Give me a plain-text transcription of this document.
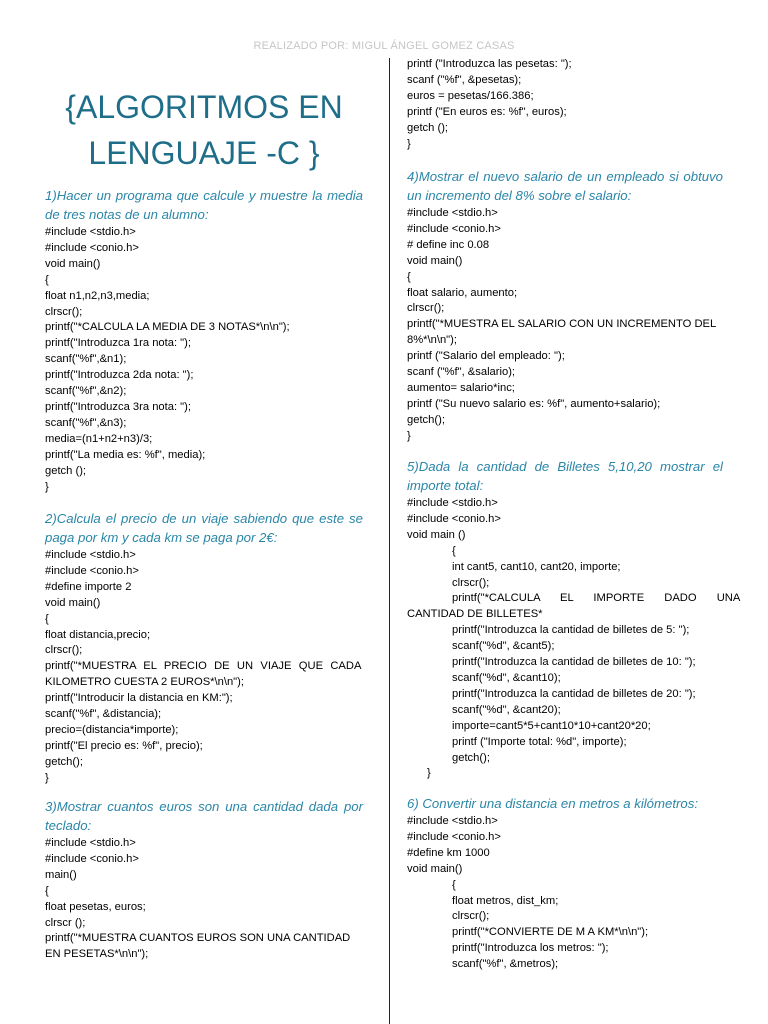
REALIZADO POR: MIGUL ÁNGEL GOMEZ CASAS
{ALGORITMOS EN
LENGUAJE -C }
1)Hacer un programa que calcule y muestre la media de tres notas de un alumno:
#include <stdio.h>
#include <conio.h>
void main()
{
float n1,n2,n3,media;
clrscr();
printf("*CALCULA LA MEDIA DE 3 NOTAS*\n\n");
printf("Introduzca 1ra nota: ");
scanf("%f",&n1);
printf("Introduzca 2da nota: ");
scanf("%f",&n2);
printf("Introduzca 3ra nota: ");
scanf("%f",&n3);
media=(n1+n2+n3)/3;
printf("La media es: %f", media);
getch ();
}
2)Calcula el precio de un viaje sabiendo que este se paga por km y cada km se paga por 2€:
#include <stdio.h>
#include <conio.h>
#define importe 2
void main()
{
float distancia,precio;
clrscr();
printf("*MUESTRA EL PRECIO DE UN VIAJE QUE CADA
KILOMETRO CUESTA 2 EUROS*\n\n");
printf("Introducir la distancia en KM:");
scanf("%f", &distancia);
precio=(distancia*importe);
printf("El precio es: %f", precio);
getch();
}
3)Mostrar cuantos euros son una cantidad dada por teclado:
#include <stdio.h>
#include <conio.h>
main()
{
float pesetas, euros;
clrscr ();
printf("*MUESTRA CUANTOS EUROS SON UNA CANTIDAD
EN PESETAS*\n\n");
printf ("Introduzca las pesetas: ");
scanf ("%f", &pesetas);
euros = pesetas/166.386;
printf ("En euros es: %f", euros);
getch ();
}
4)Mostrar el nuevo salario de un empleado si obtuvo un incremento del 8% sobre el salario:
#include <stdio.h>
#include <conio.h>
# define inc 0.08
void main()
{
float salario, aumento;
clrscr();
printf("*MUESTRA EL SALARIO CON UN INCREMENTO DEL
8%*\n\n");
printf ("Salario del empleado: ");
scanf ("%f", &salario);
aumento= salario*inc;
printf ("Su nuevo salario es: %f", aumento+salario);
getch();
}
5)Dada la cantidad de Billetes 5,10,20 mostrar el importe total:
#include <stdio.h>
#include <conio.h>
void main ()
{
int cant5, cant10, cant20, importe;
clrscr();
printf("*CALCULA EL IMPORTE DADO UNA
CANTIDAD DE BILLETES*
printf("Introduzca la cantidad de billetes de 5: ");
scanf("%d", &cant5);
printf("Introduzca la cantidad de billetes de 10: ");
scanf("%d", &cant10);
printf("Introduzca la cantidad de billetes de 20: ");
scanf("%d", &cant20);
importe=cant5*5+cant10*10+cant20*20;
printf ("Importe total: %d", importe);
getch();
}
6) Convertir una distancia en metros a kilómetros:
#include <stdio.h>
#include <conio.h>
#define km 1000
void main()
{
float metros, dist_km;
clrscr();
printf("*CONVIERTE DE M A KM*\n\n");
printf("Introduzca los metros: ");
scanf("%f", &metros);
